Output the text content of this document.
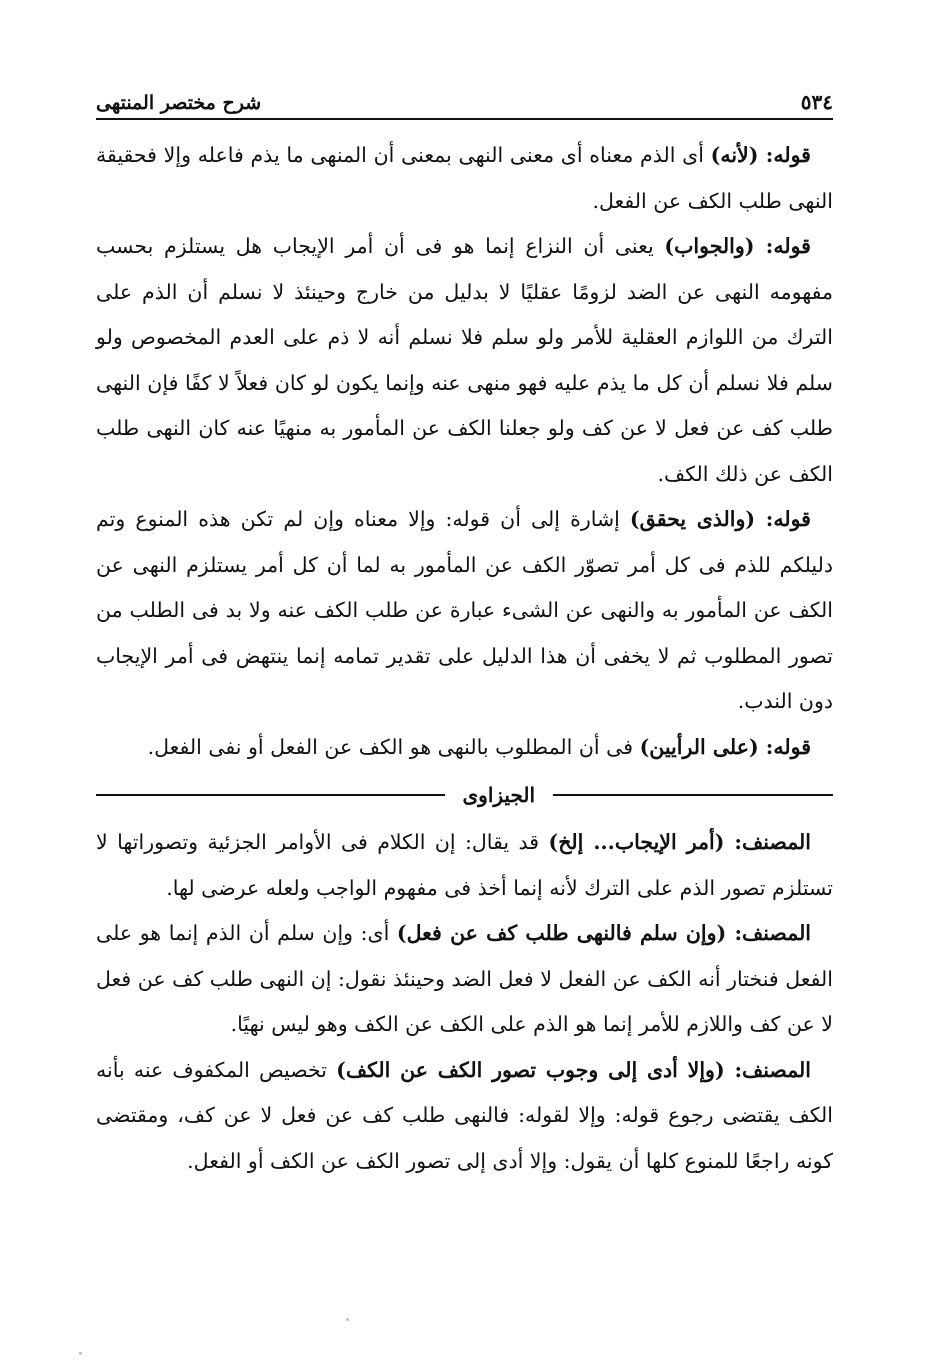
٥٣٤
شرح مختصر المنتهى

قوله: (لأنه) أى الذم معناه أى معنى النهى بمعنى أن المنهى ما يذم فاعله وإلا فحقيقة النهى طلب الكف عن الفعل.

قوله: (والجواب) يعنى أن النزاع إنما هو فى أن أمر الإيجاب هل يستلزم بحسب مفهومه النهى عن الضد لزومًا عقليًا لا بدليل من خارج وحينئذ لا نسلم أن الذم على الترك من اللوازم العقلية للأمر ولو سلم فلا نسلم أنه لا ذم على العدم المخصوص ولو سلم فلا نسلم أن كل ما يذم عليه فهو منهى عنه وإنما يكون لو كان فعلاً لا كفًا فإن النهى طلب كف عن فعل لا عن كف ولو جعلنا الكف عن المأمور به منهيًا عنه كان النهى طلب الكف عن ذلك الكف.

قوله: (والذى يحقق) إشارة إلى أن قوله: وإلا معناه وإن لم تكن هذه المنوع وتم دليلكم للذم فى كل أمر تصوّر الكف عن المأمور به لما أن كل أمر يستلزم النهى عن الكف عن المأمور به والنهى عن الشىء عبارة عن طلب الكف عنه ولا بد فى الطلب من تصور المطلوب ثم لا يخفى أن هذا الدليل على تقدير تمامه إنما ينتهض فى أمر الإيجاب دون الندب.

قوله: (على الرأيين) فى أن المطلوب بالنهى هو الكف عن الفعل أو نفى الفعل.

الجيزاوى

المصنف: (أمر الإيجاب... إلخ) قد يقال: إن الكلام فى الأوامر الجزئية وتصوراتها لا تستلزم تصور الذم على الترك لأنه إنما أخذ فى مفهوم الواجب ولعله عرضى لها.

المصنف: (وإن سلم فالنهى طلب كف عن فعل) أى: وإن سلم أن الذم إنما هو على الفعل فنختار أنه الكف عن الفعل لا فعل الضد وحينئذ نقول: إن النهى طلب كف عن فعل لا عن كف واللازم للأمر إنما هو الذم على الكف عن الكف وهو ليس نهيًا.

المصنف: (وإلا أدى إلى وجوب تصور الكف عن الكف) تخصيص المكفوف عنه بأنه الكف يقتضى رجوع قوله: وإلا لقوله: فالنهى طلب كف عن فعل لا عن كف، ومقتضى كونه راجعًا للمنوع كلها أن يقول: وإلا أدى إلى تصور الكف عن الكف أو الفعل.
